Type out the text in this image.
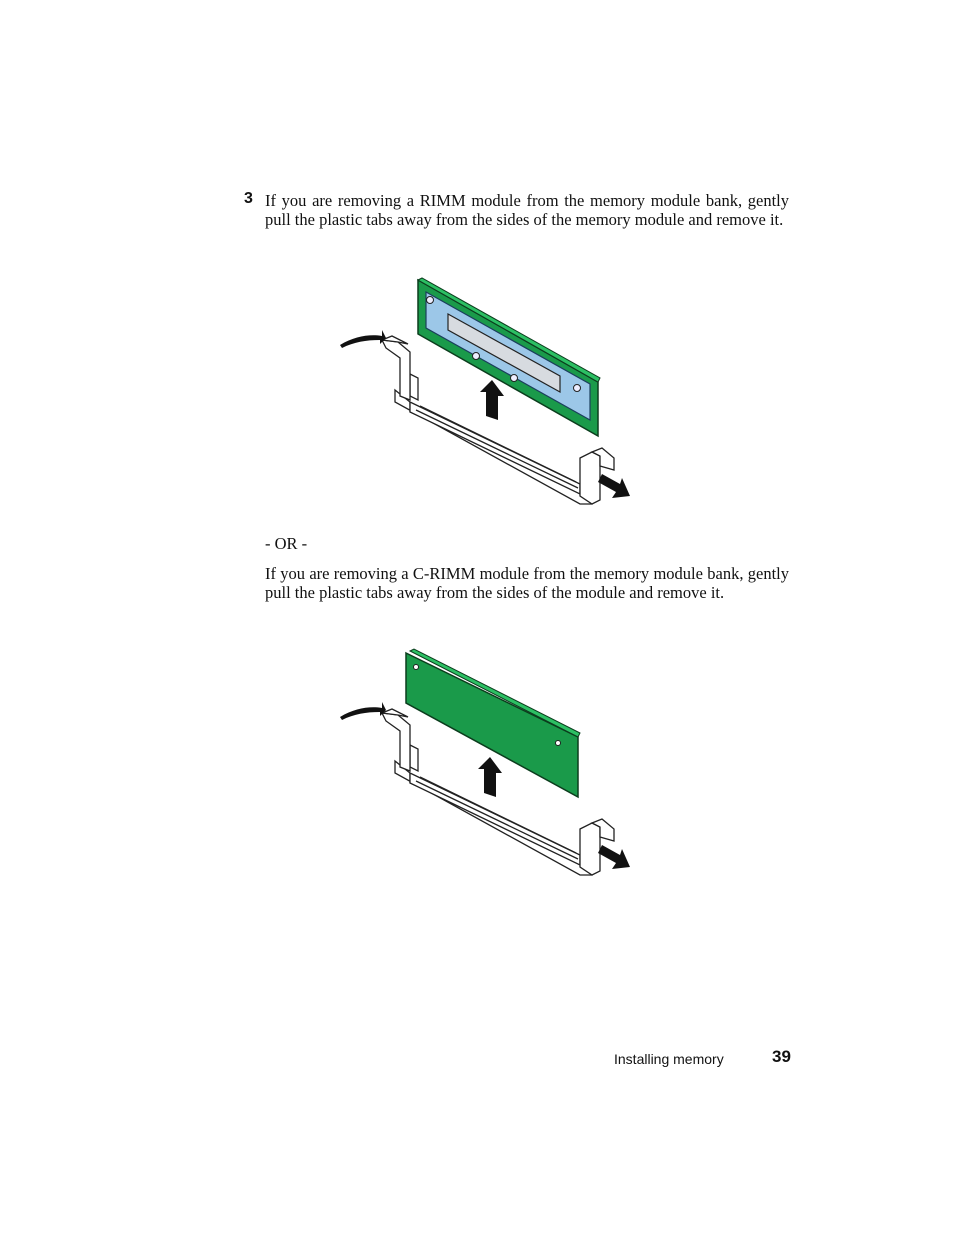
3 If you are removing a RIMM module from the memory module bank, gently pull the plastic tabs away from the sides of the memory module and remove it.

- OR -

If you are removing a C-RIMM module from the memory module bank, gently pull the plastic tabs away from the sides of the module and remove it.

Installing memory	39
